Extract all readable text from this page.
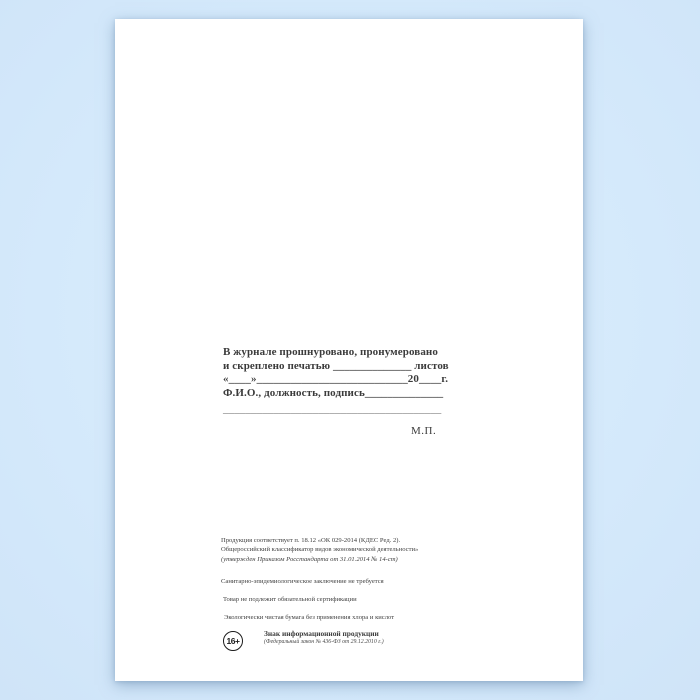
В журнале прошнуровано, пронумеровано
и скреплено печатью ______________ листов
«____»___________________________20____г.
Ф.И.О., должность, подпись______________
_______________________________________
М.П.
Продукция соответствует п. 18.12 «ОК 029-2014 (КДЕС Ред. 2).
Общероссийский классификатор видов экономической деятельности»
(утвержден Приказом Росстандарта от 31.01.2014 № 14-ст)
Санитарно-эпидемиологическое заключение не требуется
Товар не подлежит обязательной сертификации
Экологически чистая бумага без применения хлора и кислот
16+
Знак информационной продукции
(Федеральный закон № 436-ФЗ от 29.12.2010 г.)
